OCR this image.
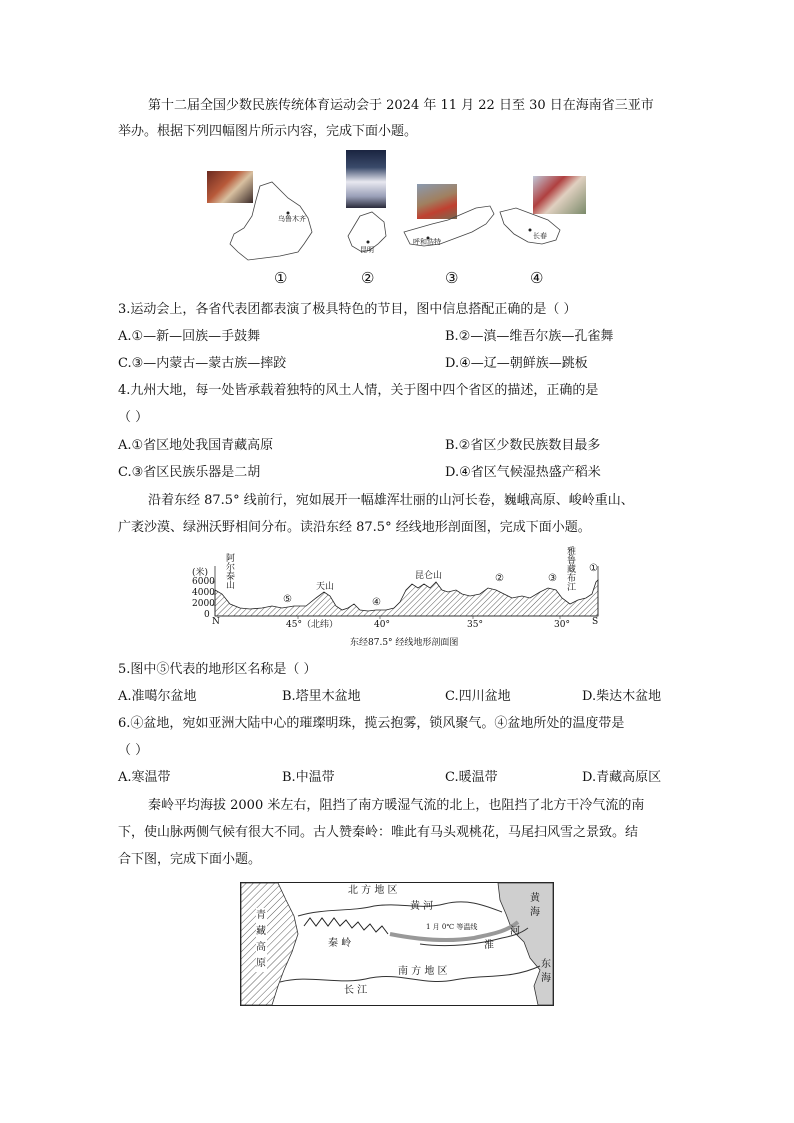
第十二届全国少数民族传统体育运动会于 2024 年 11 月 22 日至 30 日在海南省三亚市
举办。根据下列四幅图片所示内容，完成下面小题。
乌鲁木齐
昆明
呼和浩特
长春
①	②	③	④
3.运动会上，各省代表团都表演了极具特色的节目，图中信息搭配正确的是（ ）
A.①—新—回族—手鼓舞	B.②—滇—维吾尔族—孔雀舞
C.③—内蒙古—蒙古族—摔跤	D.④—辽—朝鲜族—跳板
4.九州大地，每一处皆承载着独特的风土人情，关于图中四个省区的描述，正确的是
（ ）
A.①省区地处我国青藏高原	B.②省区少数民族数目最多
C.③省区民族乐器是二胡	D.④省区气候湿热盛产稻米
沿着东经 87.5° 线前行，宛如展开一幅雄浑壮丽的山河长卷，巍峨高原、峻岭重山、
广袤沙漠、绿洲沃野相间分布。读沿东经 87.5° 经线地形剖面图，完成下面小题。
(米)
6000
4000
2000
0
N	S
45°（北纬）	40°	35°	30°
阿尔泰山	天山
昆仑山
雅鲁藏布江
①
②	③
④
⑤
东经87.5° 经线地形剖面图
5.图中⑤代表的地形区名称是（ ）
A.准噶尔盆地	B.塔里木盆地	C.四川盆地	D.柴达木盆地
6.④盆地，宛如亚洲大陆中心的璀璨明珠，揽云抱雾，锁风聚气。④盆地所处的温度带是
（ ）
A.寒温带	B.中温带	C.暖温带	D.青藏高原区
秦岭平均海拔 2000 米左右，阻挡了南方暖湿气流的北上，也阻挡了北方干冷气流的南
下，使山脉两侧气候有很大不同。古人赞秦岭：唯此有马头观桃花，马尾扫风雪之景致。结
合下图，完成下面小题。
北 方 地 区
黄 河
1 月 0℃ 等温线
秦 岭	淮
河
南 方 地 区
长 江
青藏高原
黄海
东海
